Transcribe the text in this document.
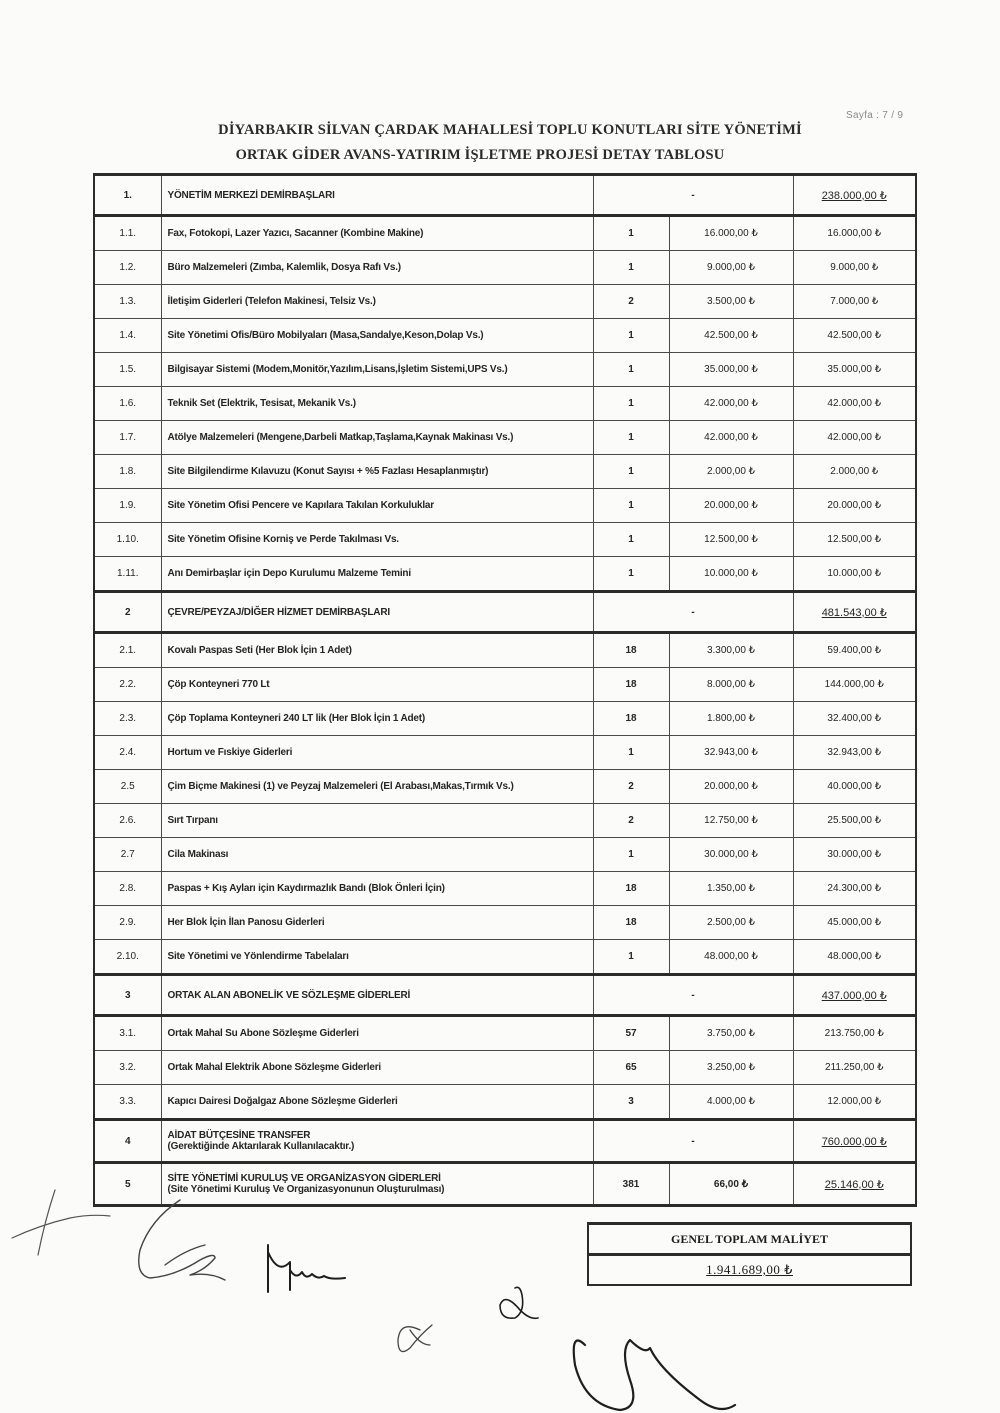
Sayfa : 7 / 9
DİYARBAKIR SİLVAN ÇARDAK MAHALLESİ TOPLU KONUTLARI SİTE YÖNETİMİ
ORTAK GİDER AVANS-YATIRIM İŞLETME PROJESİ DETAY TABLOSU
1.	YÖNETİM MERKEZİ DEMİRBAŞLARI	-		238.000,00 ₺
1.1.	Fax, Fotokopi, Lazer Yazıcı, Sacanner (Kombine Makine)	1	16.000,00 ₺	16.000,00 ₺
1.2.	Büro Malzemeleri (Zımba, Kalemlik, Dosya Rafı Vs.)	1	9.000,00 ₺	9.000,00 ₺
1.3.	İletişim Giderleri (Telefon Makinesi, Telsiz Vs.)	2	3.500,00 ₺	7.000,00 ₺
1.4.	Site Yönetimi Ofis/Büro Mobilyaları (Masa,Sandalye,Keson,Dolap Vs.)	1	42.500,00 ₺	42.500,00 ₺
1.5.	Bilgisayar Sistemi (Modem,Monitör,Yazılım,Lisans,İşletim Sistemi,UPS Vs.)	1	35.000,00 ₺	35.000,00 ₺
1.6.	Teknik Set (Elektrik, Tesisat, Mekanik Vs.)	1	42.000,00 ₺	42.000,00 ₺
1.7.	Atölye Malzemeleri (Mengene,Darbeli Matkap,Taşlama,Kaynak Makinası Vs.)	1	42.000,00 ₺	42.000,00 ₺
1.8.	Site Bilgilendirme Kılavuzu (Konut Sayısı + %5 Fazlası Hesaplanmıştır)	1	2.000,00 ₺	2.000,00 ₺
1.9.	Site Yönetim Ofisi Pencere ve Kapılara Takılan Korkuluklar	1	20.000,00 ₺	20.000,00 ₺
1.10.	Site Yönetim Ofisine Korniş ve Perde Takılması Vs.	1	12.500,00 ₺	12.500,00 ₺
1.11.	Anı Demirbaşlar için Depo Kurulumu Malzeme Temini	1	10.000,00 ₺	10.000,00 ₺
2	ÇEVRE/PEYZAJ/DİĞER HİZMET DEMİRBAŞLARI	-		481.543,00 ₺
2.1.	Kovalı Paspas Seti (Her Blok İçin 1 Adet)	18	3.300,00 ₺	59.400,00 ₺
2.2.	Çöp Konteyneri 770 Lt	18	8.000,00 ₺	144.000,00 ₺
2.3.	Çöp Toplama Konteyneri 240 LT lik (Her Blok İçin 1 Adet)	18	1.800,00 ₺	32.400,00 ₺
2.4.	Hortum ve Fıskiye Giderleri	1	32.943,00 ₺	32.943,00 ₺
2.5	Çim Biçme Makinesi (1) ve Peyzaj Malzemeleri (El Arabası,Makas,Tırmık Vs.)	2	20.000,00 ₺	40.000,00 ₺
2.6.	Sırt Tırpanı	2	12.750,00 ₺	25.500,00 ₺
2.7	Cila Makinası	1	30.000,00 ₺	30.000,00 ₺
2.8.	Paspas + Kış Ayları için Kaydırmazlık Bandı (Blok Önleri İçin)	18	1.350,00 ₺	24.300,00 ₺
2.9.	Her Blok İçin İlan Panosu Giderleri	18	2.500,00 ₺	45.000,00 ₺
2.10.	Site Yönetimi ve Yönlendirme Tabelaları	1	48.000,00 ₺	48.000,00 ₺
3	ORTAK ALAN ABONELİK VE SÖZLEŞME GİDERLERİ	-		437.000,00 ₺
3.1.	Ortak Mahal Su Abone Sözleşme Giderleri	57	3.750,00 ₺	213.750,00 ₺
3.2.	Ortak Mahal Elektrik Abone Sözleşme Giderleri	65	3.250,00 ₺	211.250,00 ₺
3.3.	Kapıcı Dairesi Doğalgaz Abone Sözleşme Giderleri	3	4.000,00 ₺	12.000,00 ₺
4	AİDAT BÜTÇESİNE TRANSFER
(Gerektiğinde Aktarılarak Kullanılacaktır.)	-		760.000,00 ₺
5	SİTE YÖNETİMİ KURULUŞ VE ORGANİZASYON GİDERLERİ
(Site Yönetimi Kuruluş Ve Organizasyonunun Oluşturulması)	381	66,00 ₺	25.146,00 ₺
GENEL TOPLAM MALİYET
1.941.689,00 ₺
